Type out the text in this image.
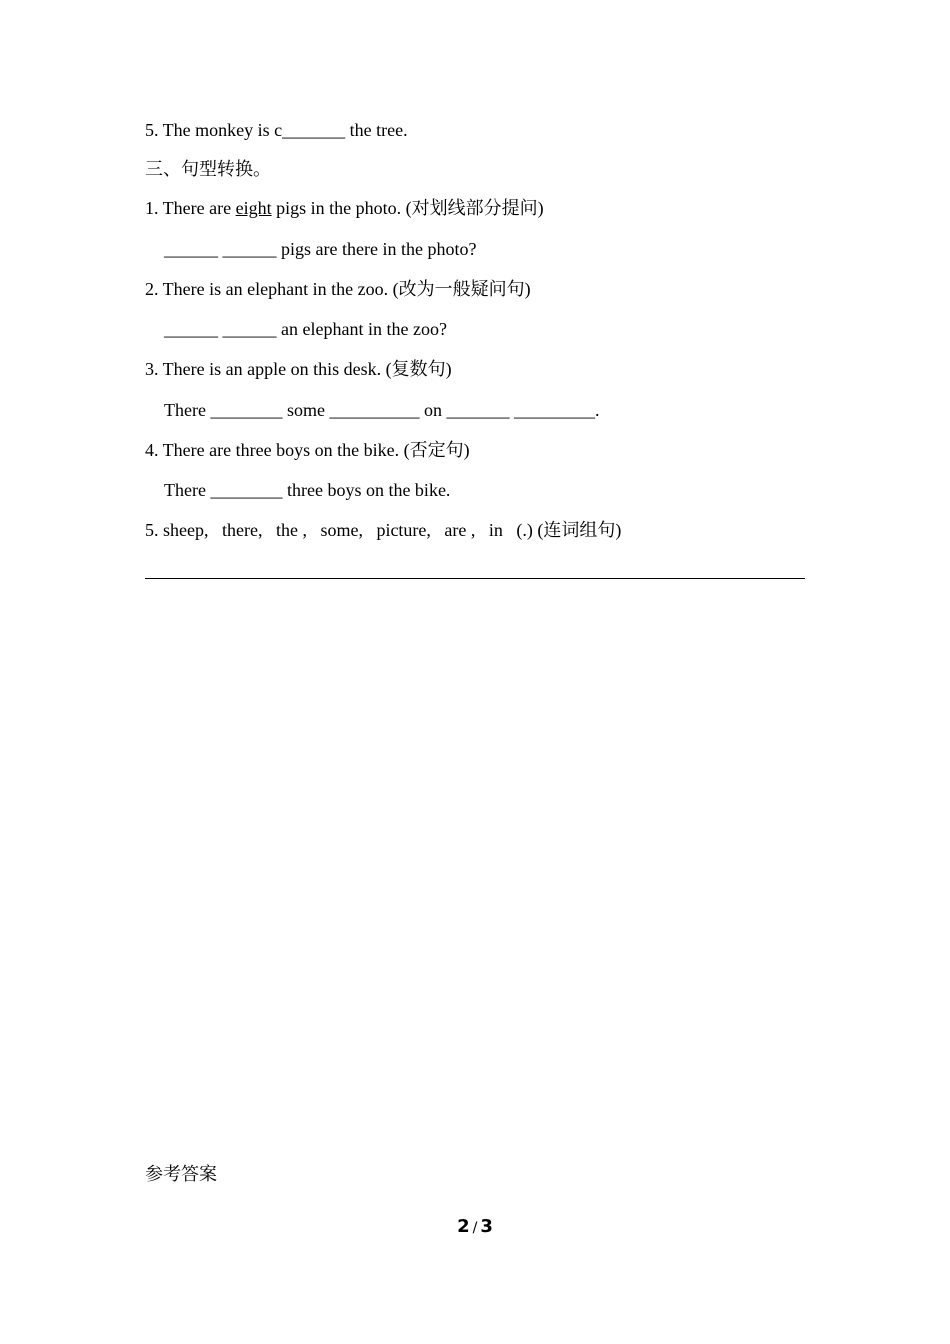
5. The monkey is c_______ the tree.
三、句型转换。
1. There are eight pigs in the photo. (对划线部分提问)
______ ______ pigs are there in the photo?
2. There is an elephant in the zoo. (改为一般疑问句)
______ ______ an elephant in the zoo?
3. There is an apple on this desk. (复数句)
There ________ some __________ on _______ _________.
4. There are three boys on the bike. (否定句)
There ________ three boys on the bike.
5. sheep,   there,   the ,   some,   picture,   are ,   in   (.) (连词组句)
参考答案
2 / 3
